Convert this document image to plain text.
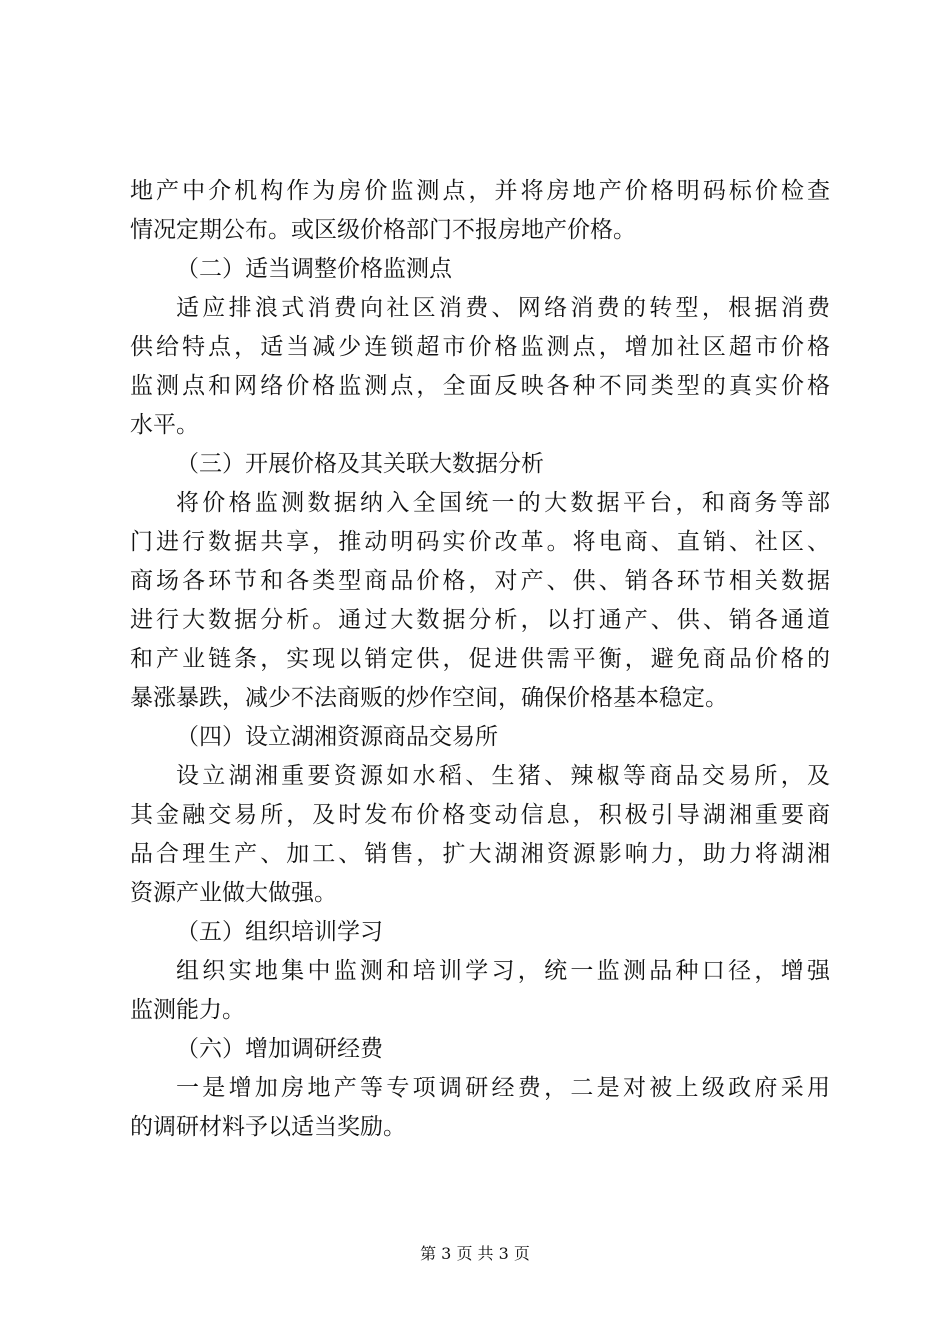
地产中介机构作为房价监测点，并将房地产价格明码标价检查
情况定期公布。或区级价格部门不报房地产价格。
（二）适当调整价格监测点
适应排浪式消费向社区消费、网络消费的转型，根据消费
供给特点，适当减少连锁超市价格监测点，增加社区超市价格
监测点和网络价格监测点，全面反映各种不同类型的真实价格
水平。
（三）开展价格及其关联大数据分析
将价格监测数据纳入全国统一的大数据平台，和商务等部
门进行数据共享，推动明码实价改革。将电商、直销、社区、
商场各环节和各类型商品价格，对产、供、销各环节相关数据
进行大数据分析。通过大数据分析，以打通产、供、销各通道
和产业链条，实现以销定供，促进供需平衡，避免商品价格的
暴涨暴跌，减少不法商贩的炒作空间，确保价格基本稳定。
（四）设立湖湘资源商品交易所
设立湖湘重要资源如水稻、生猪、辣椒等商品交易所，及
其金融交易所，及时发布价格变动信息，积极引导湖湘重要商
品合理生产、加工、销售，扩大湖湘资源影响力，助力将湖湘
资源产业做大做强。
（五）组织培训学习
组织实地集中监测和培训学习，统一监测品种口径，增强
监测能力。
（六）增加调研经费
一是增加房地产等专项调研经费，二是对被上级政府采用
的调研材料予以适当奖励。
第 3 页 共 3 页
